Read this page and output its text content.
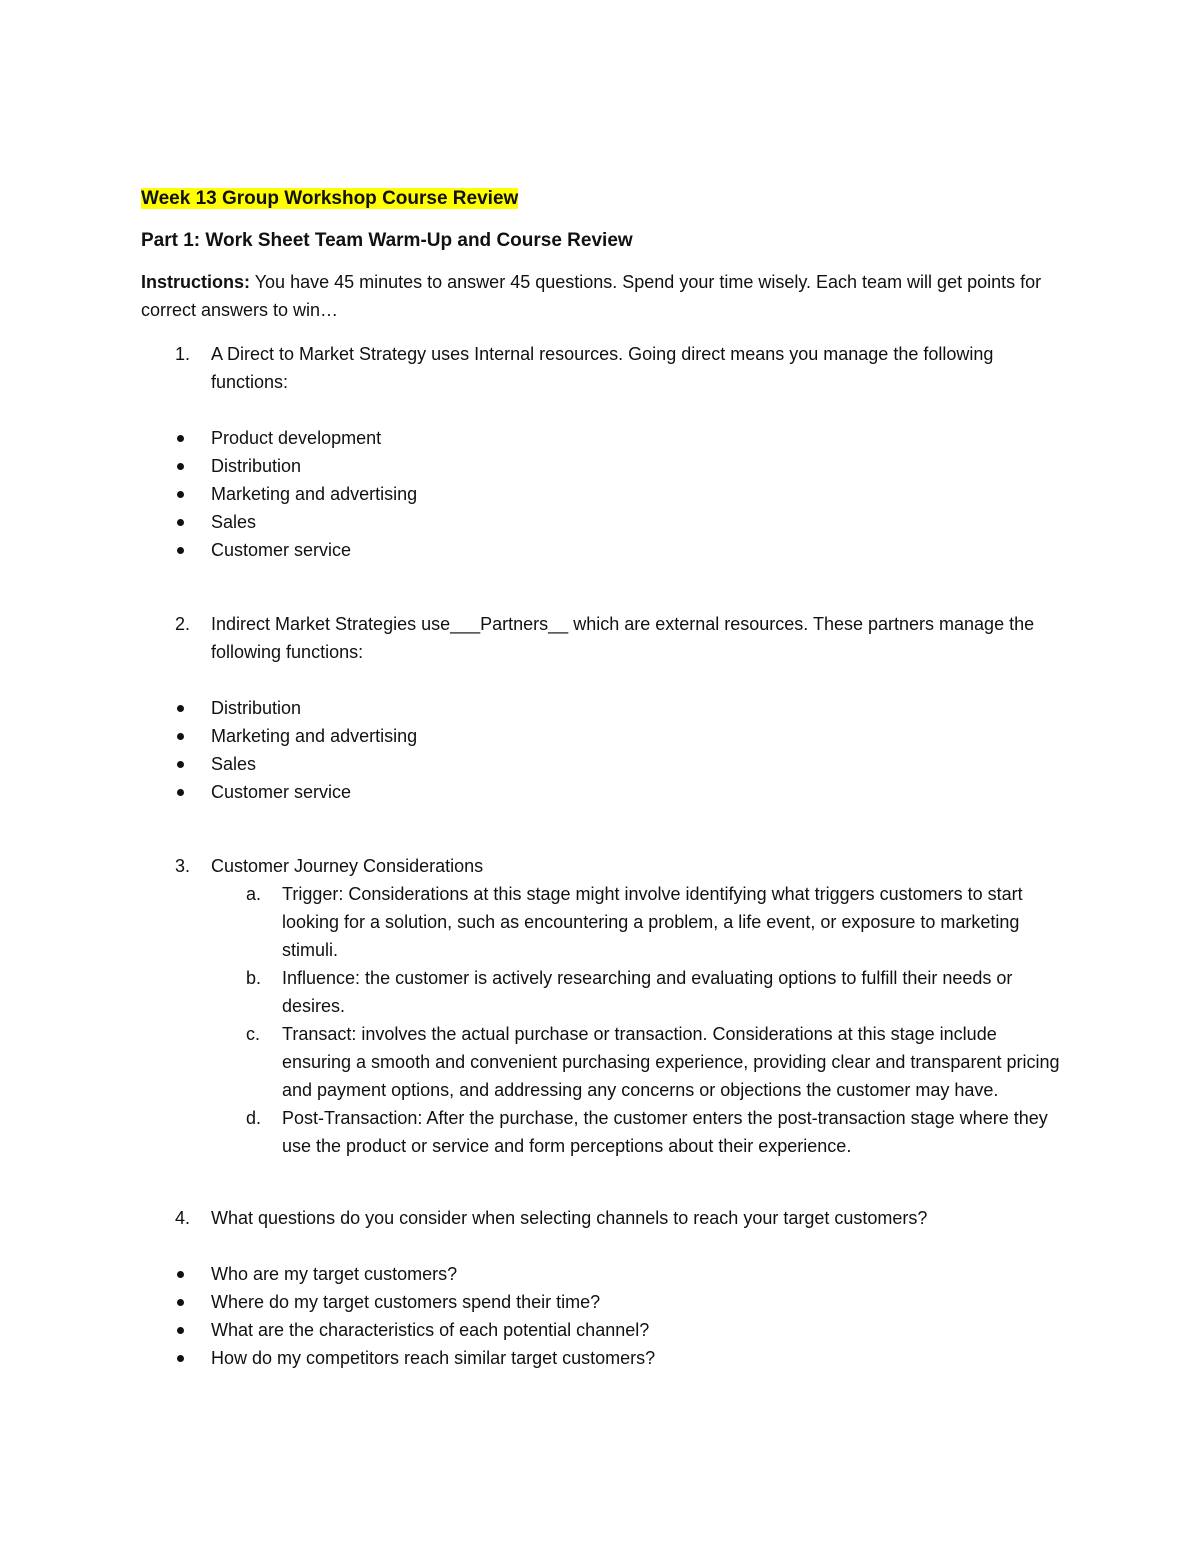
Week 13 Group Workshop Course Review

Part 1: Work Sheet Team Warm-Up and Course Review

Instructions: You have 45 minutes to answer 45 questions. Spend your time wisely. Each team will get points for correct answers to win…

1. A Direct to Market Strategy uses Internal resources. Going direct means you manage the following functions:
Product development
Distribution
Marketing and advertising
Sales
Customer service
2. Indirect Market Strategies use___Partners__ which are external resources. These partners manage the following functions:
Distribution
Marketing and advertising
Sales
Customer service
3. Customer Journey Considerations
a. Trigger: Considerations at this stage might involve identifying what triggers customers to start looking for a solution, such as encountering a problem, a life event, or exposure to marketing stimuli.
b. Influence: the customer is actively researching and evaluating options to fulfill their needs or desires.
c. Transact: involves the actual purchase or transaction. Considerations at this stage include ensuring a smooth and convenient purchasing experience, providing clear and transparent pricing and payment options, and addressing any concerns or objections the customer may have.
d. Post-Transaction: After the purchase, the customer enters the post-transaction stage where they use the product or service and form perceptions about their experience.
4. What questions do you consider when selecting channels to reach your target customers?
Who are my target customers?
Where do my target customers spend their time?
What are the characteristics of each potential channel?
How do my competitors reach similar target customers?
